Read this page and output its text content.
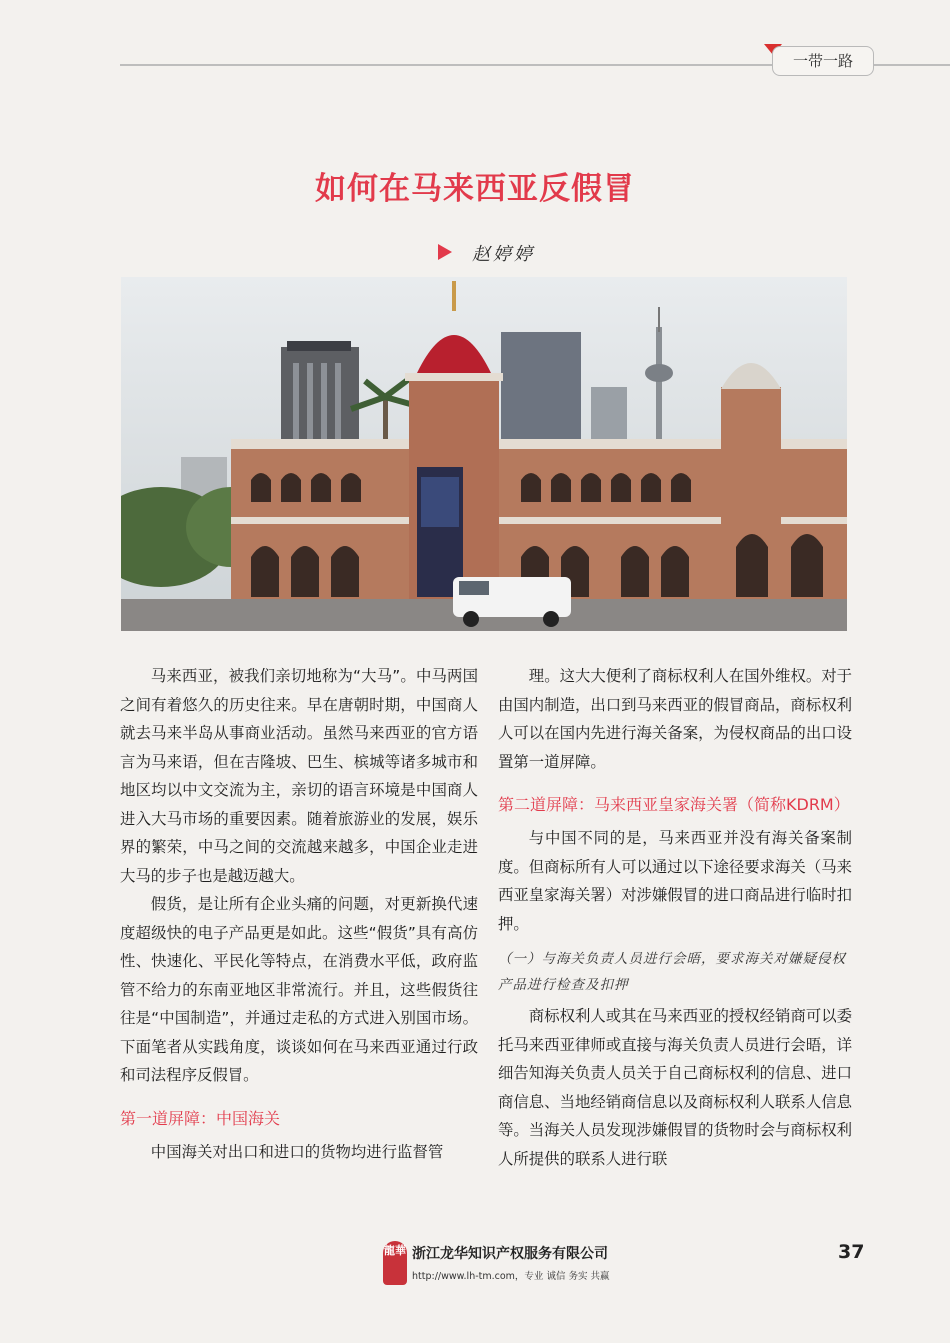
一带一路
如何在马来西亚反假冒
赵婷婷

马来西亚，被我们亲切地称为“大马”。中马两国之间有着悠久的历史往来。早在唐朝时期，中国商人就去马来半岛从事商业活动。虽然马来西亚的官方语言为马来语，但在吉隆坡、巴生、槟城等诸多城市和地区均以中文交流为主，亲切的语言环境是中国商人进入大马市场的重要因素。随着旅游业的发展，娱乐界的繁荣，中马之间的交流越来越多，中国企业走进大马的步子也是越迈越大。

假货，是让所有企业头痛的问题，对更新换代速度超级快的电子产品更是如此。这些“假货”具有高仿性、快速化、平民化等特点，在消费水平低，政府监管不给力的东南亚地区非常流行。并且，这些假货往往是“中国制造”，并通过走私的方式进入别国市场。下面笔者从实践角度，谈谈如何在马来西亚通过行政和司法程序反假冒。

第一道屏障：中国海关

中国海关对出口和进口的货物均进行监督管

理。这大大便利了商标权利人在国外维权。对于由国内制造，出口到马来西亚的假冒商品，商标权利人可以在国内先进行海关备案，为侵权商品的出口设置第一道屏障。

第二道屏障：马来西亚皇家海关署（简称KDRM）

与中国不同的是，马来西亚并没有海关备案制度。但商标所有人可以通过以下途径要求海关（马来西亚皇家海关署）对涉嫌假冒的进口商品进行临时扣押。

（一）与海关负责人员进行会晤，要求海关对嫌疑侵权产品进行检查及扣押

商标权利人或其在马来西亚的授权经销商可以委托马来西亚律师或直接与海关负责人员进行会晤，详细告知海关负责人员关于自己商标权利的信息、进口商信息、当地经销商信息以及商标权利人联系人信息等。当海关人员发现涉嫌假冒的货物时会与商标权利人所提供的联系人进行联

龍華 浙江龙华知识产权服务有限公司
http://www.lh-tm.com，专业 诚信 务实 共赢
37
